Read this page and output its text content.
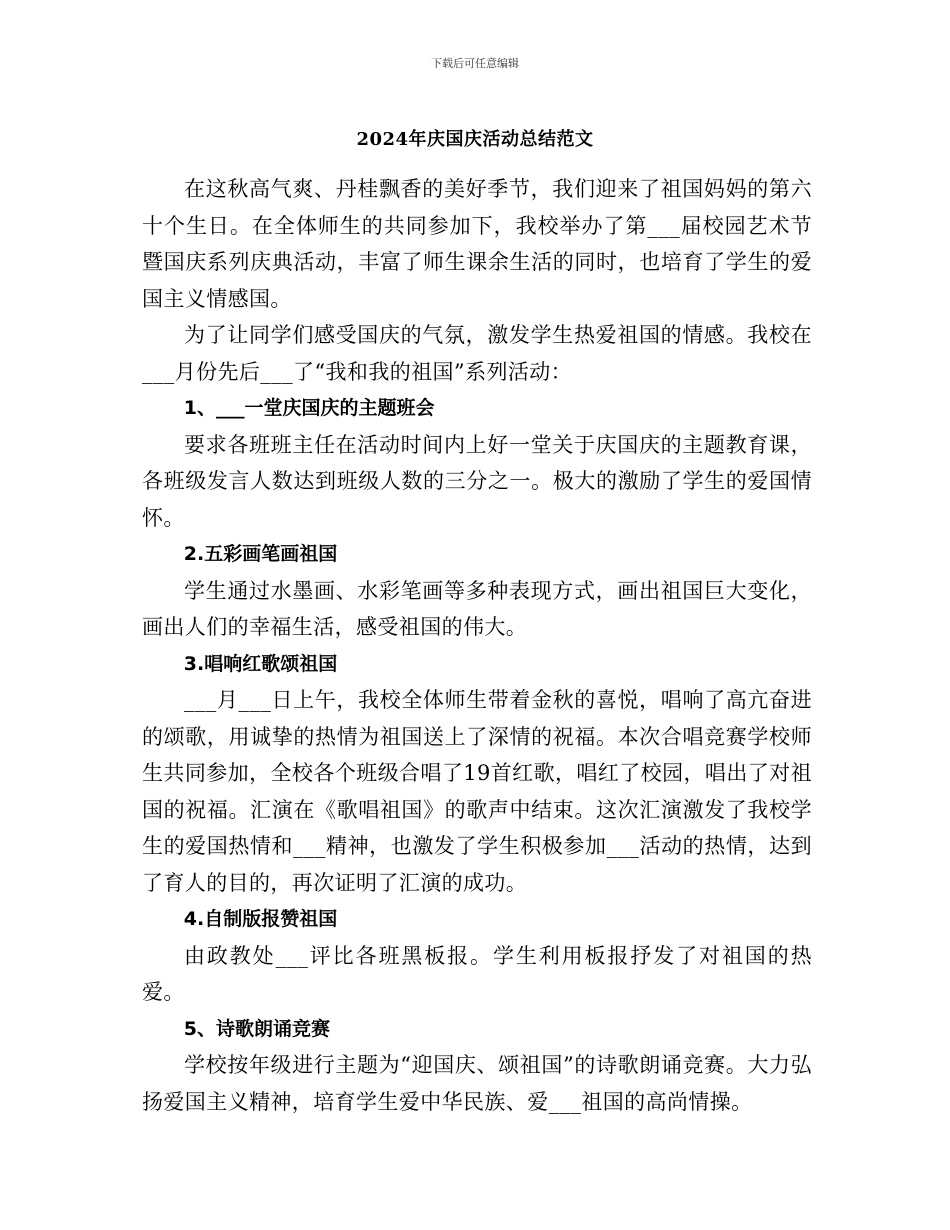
下载后可任意编辑

2024年庆国庆活动总结范文

在这秋高气爽、丹桂飘香的美好季节，我们迎来了祖国妈妈的第六十个生日。在全体师生的共同参加下，我校举办了第___届校园艺术节暨国庆系列庆典活动，丰富了师生课余生活的同时，也培育了学生的爱国主义情感国。

为了让同学们感受国庆的气氛，激发学生热爱祖国的情感。我校在___月份先后___了“我和我的祖国”系列活动：

1、___一堂庆国庆的主题班会

要求各班班主任在活动时间内上好一堂关于庆国庆的主题教育课，各班级发言人数达到班级人数的三分之一。极大的激励了学生的爱国情怀。

2.五彩画笔画祖国

学生通过水墨画、水彩笔画等多种表现方式，画出祖国巨大变化，画出人们的幸福生活，感受祖国的伟大。

3.唱响红歌颂祖国

___月___日上午，我校全体师生带着金秋的喜悦，唱响了高亢奋进的颂歌，用诚挚的热情为祖国送上了深情的祝福。本次合唱竞赛学校师生共同参加，全校各个班级合唱了19首红歌，唱红了校园，唱出了对祖国的祝福。汇演在《歌唱祖国》的歌声中结束。这次汇演激发了我校学生的爱国热情和___精神，也激发了学生积极参加___活动的热情，达到了育人的目的，再次证明了汇演的成功。

4.自制版报赞祖国

由政教处___评比各班黑板报。学生利用板报抒发了对祖国的热爱。

5、诗歌朗诵竞赛

学校按年级进行主题为“迎国庆、颂祖国”的诗歌朗诵竞赛。大力弘扬爱国主义精神，培育学生爱中华民族、爱___祖国的高尚情操。
